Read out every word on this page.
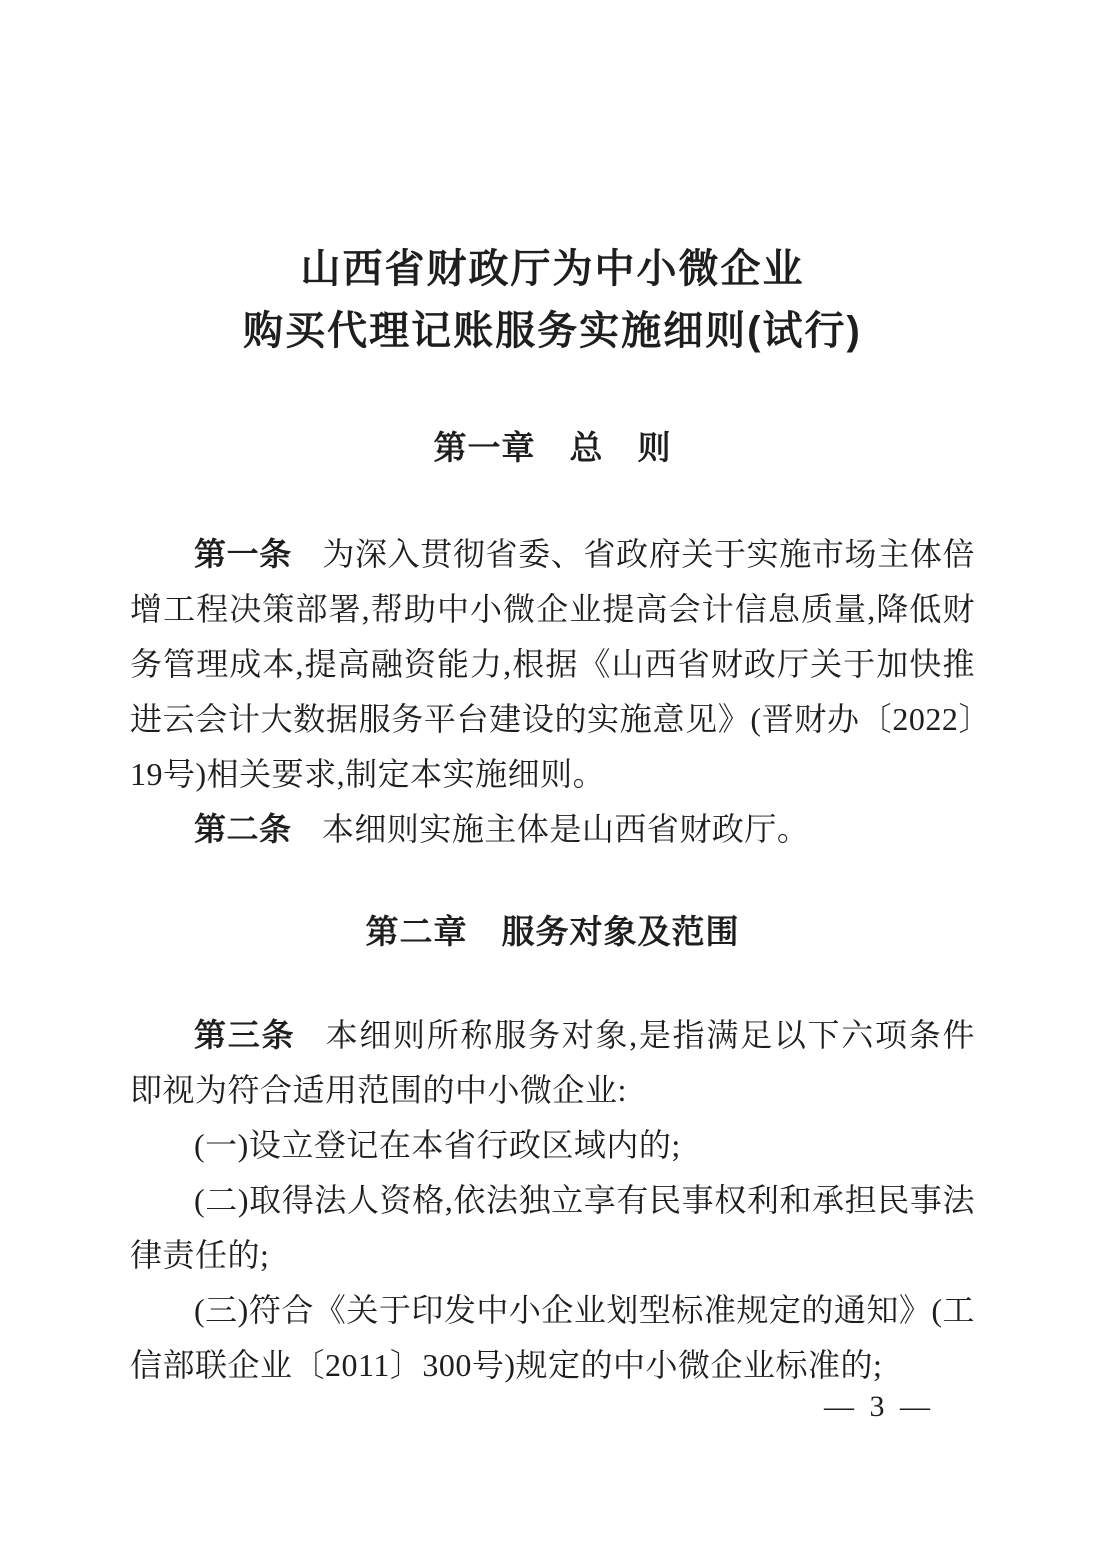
山西省财政厅为中小微企业
购买代理记账服务实施细则(试行)
第一章　总　则

第一条 为深入贯彻省委、省政府关于实施市场主体倍增工程决策部署,帮助中小微企业提高会计信息质量,降低财务管理成本,提高融资能力,根据《山西省财政厅关于加快推进云会计大数据服务平台建设的实施意见》(晋财办〔2022〕19号)相关要求,制定本实施细则。

第二条 本细则实施主体是山西省财政厅。

第二章　服务对象及范围

第三条 本细则所称服务对象,是指满足以下六项条件即视为符合适用范围的中小微企业:

(一)设立登记在本省行政区域内的;

(二)取得法人资格,依法独立享有民事权利和承担民事法律责任的;

(三)符合《关于印发中小企业划型标准规定的通知》(工信部联企业〔2011〕300号)规定的中小微企业标准的;

— 3 —
